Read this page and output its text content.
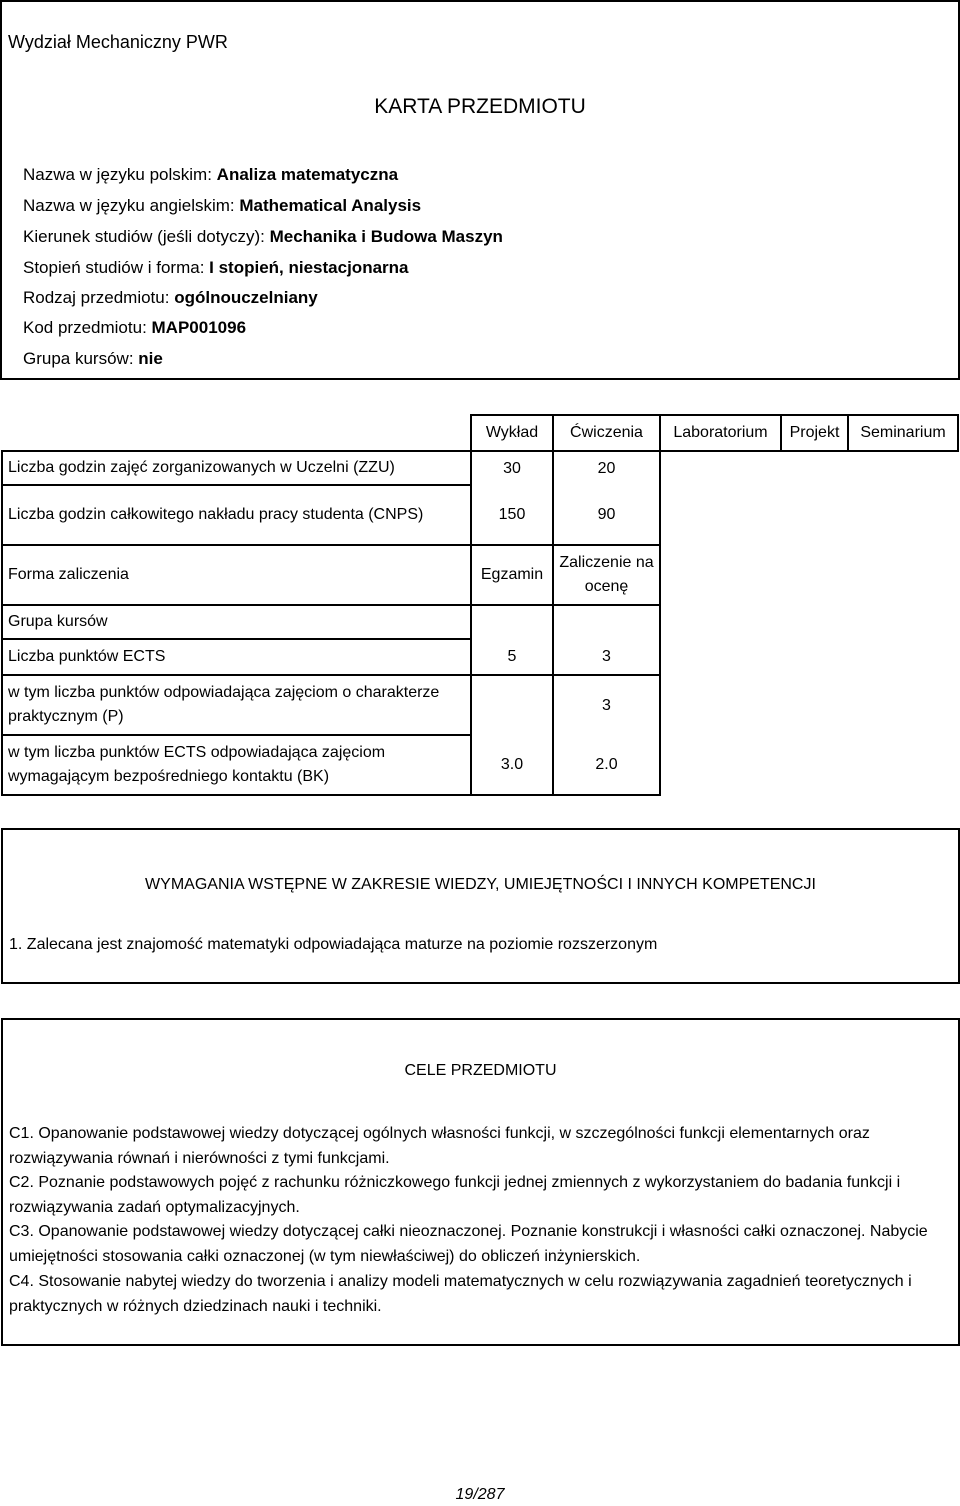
Wydział Mechaniczny PWR
KARTA PRZEDMIOTU
Nazwa w języku polskim: Analiza matematyczna
Nazwa w języku angielskim: Mathematical Analysis
Kierunek studiów (jeśli dotyczy): Mechanika i Budowa Maszyn
Stopień studiów i forma: I stopień, niestacjonarna
Rodzaj przedmiotu: ogólnouczelniany
Kod przedmiotu: MAP001096
Grupa kursów: nie
	Wykład	Ćwiczenia	Laboratorium	Projekt	Seminarium
Liczba godzin zajęć zorganizowanych w Uczelni (ZZU)	30	20			
Liczba godzin całkowitego nakładu pracy studenta (CNPS)	150	90			
Forma zaliczenia	Egzamin	Zaliczenie na ocenę			
Grupa kursów					
Liczba punktów ECTS	5	3			
w tym liczba punktów odpowiadająca zajęciom o charakterze praktycznym (P)		3			
w tym liczba punktów ECTS odpowiadająca zajęciom wymagającym bezpośredniego kontaktu (BK)	3.0	2.0			
WYMAGANIA WSTĘPNE W ZAKRESIE WIEDZY, UMIEJĘTNOŚCI I INNYCH KOMPETENCJI
1. Zalecana jest znajomość matematyki odpowiadająca maturze na poziomie rozszerzonym
CELE PRZEDMIOTU
C1. Opanowanie podstawowej wiedzy dotyczącej ogólnych własności funkcji, w szczególności funkcji elementarnych oraz rozwiązywania równań i nierówności z tymi funkcjami.
C2. Poznanie podstawowych pojęć z rachunku różniczkowego funkcji jednej zmiennych z wykorzystaniem do badania funkcji i rozwiązywania zadań optymalizacyjnych.
C3. Opanowanie podstawowej wiedzy dotyczącej całki nieoznaczonej. Poznanie konstrukcji i własności całki oznaczonej. Nabycie umiejętności stosowania całki oznaczonej (w tym niewłaściwej) do obliczeń inżynierskich.
C4. Stosowanie nabytej wiedzy do tworzenia i analizy modeli matematycznych w celu rozwiązywania zagadnień teoretycznych i praktycznych w różnych dziedzinach nauki i techniki.
19/287
